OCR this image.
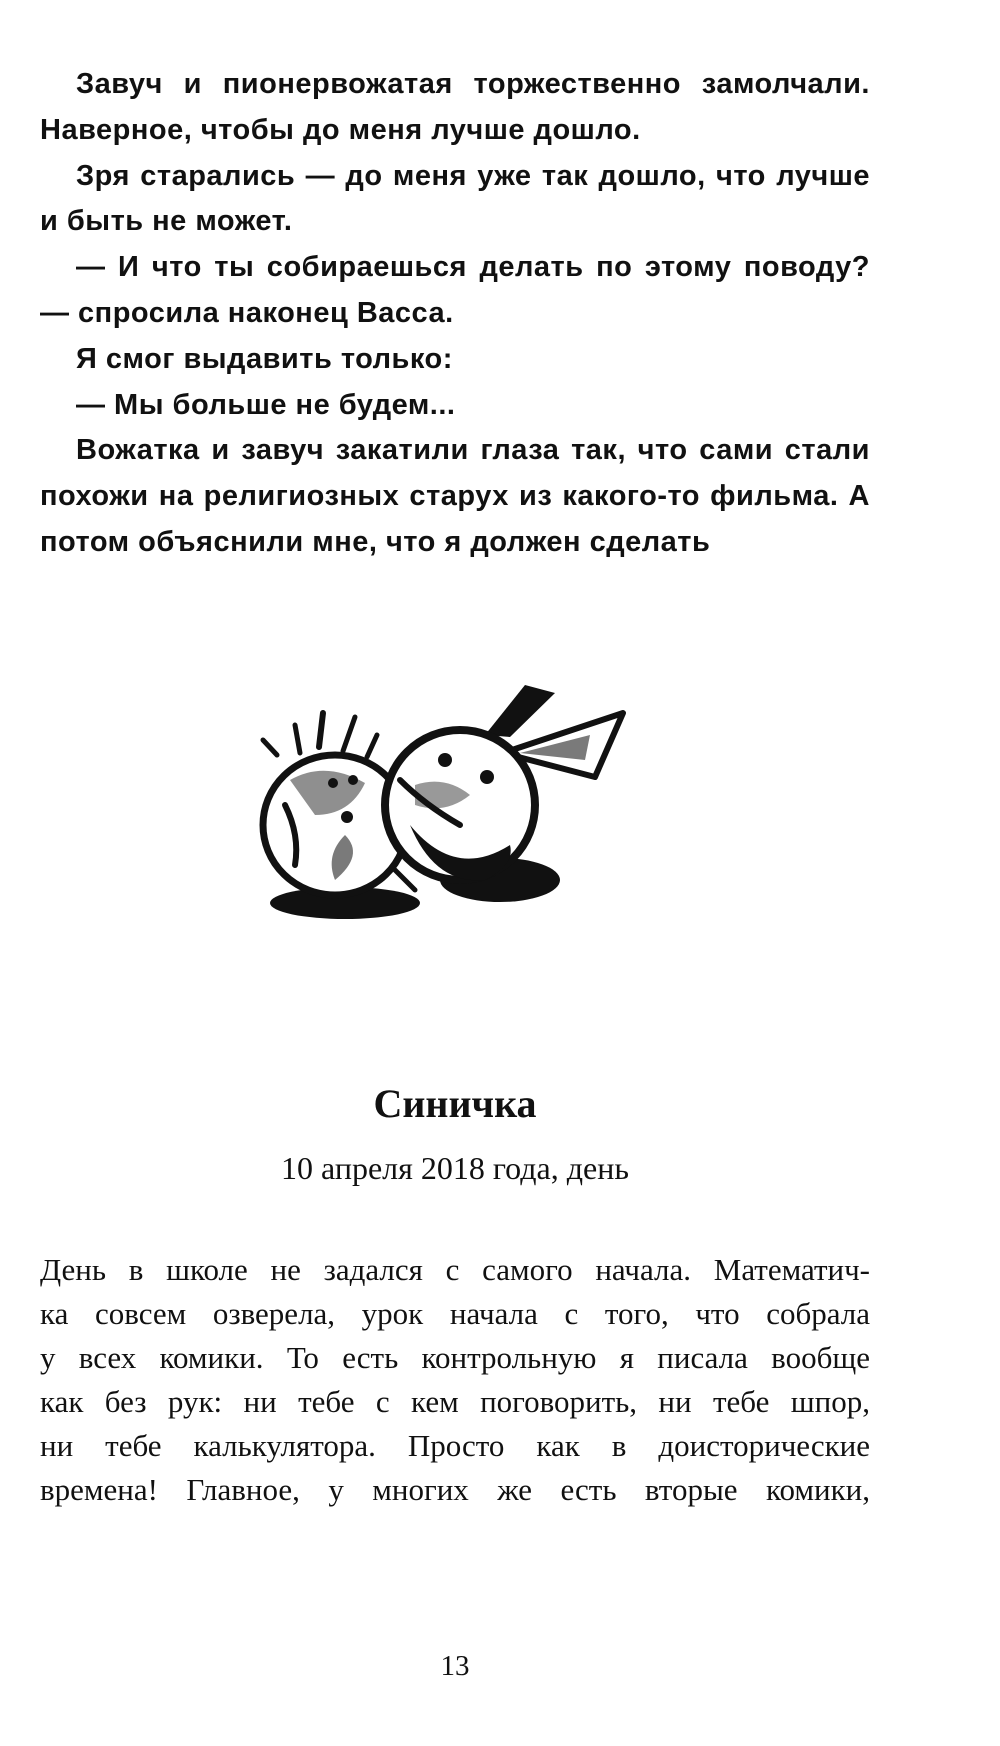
Завуч и пионервожатая торжественно замолчали. Наверное, чтобы до меня лучше дошло.

Зря старались — до меня уже так дошло, что лучше и быть не может.

— И что ты собираешься делать по этому поводу? — спросила наконец Васса.

Я смог выдавить только:

— Мы больше не будем...

Вожатка и завуч закатили глаза так, что сами стали похожи на религиозных старух из какого-то фильма. А потом объяснили мне, что я должен сделать

Синичка
10 апреля 2018 года, день

День в школе не задался с самого начала. Математич-

ка совсем озверела, урок начала с того, что собрала

у всех комики. То есть контрольную я писала вообще

как без рук: ни тебе с кем поговорить, ни тебе шпор,

ни тебе калькулятора. Просто как в доисторические

времена! Главное, у многих же есть вторые комики,

13
